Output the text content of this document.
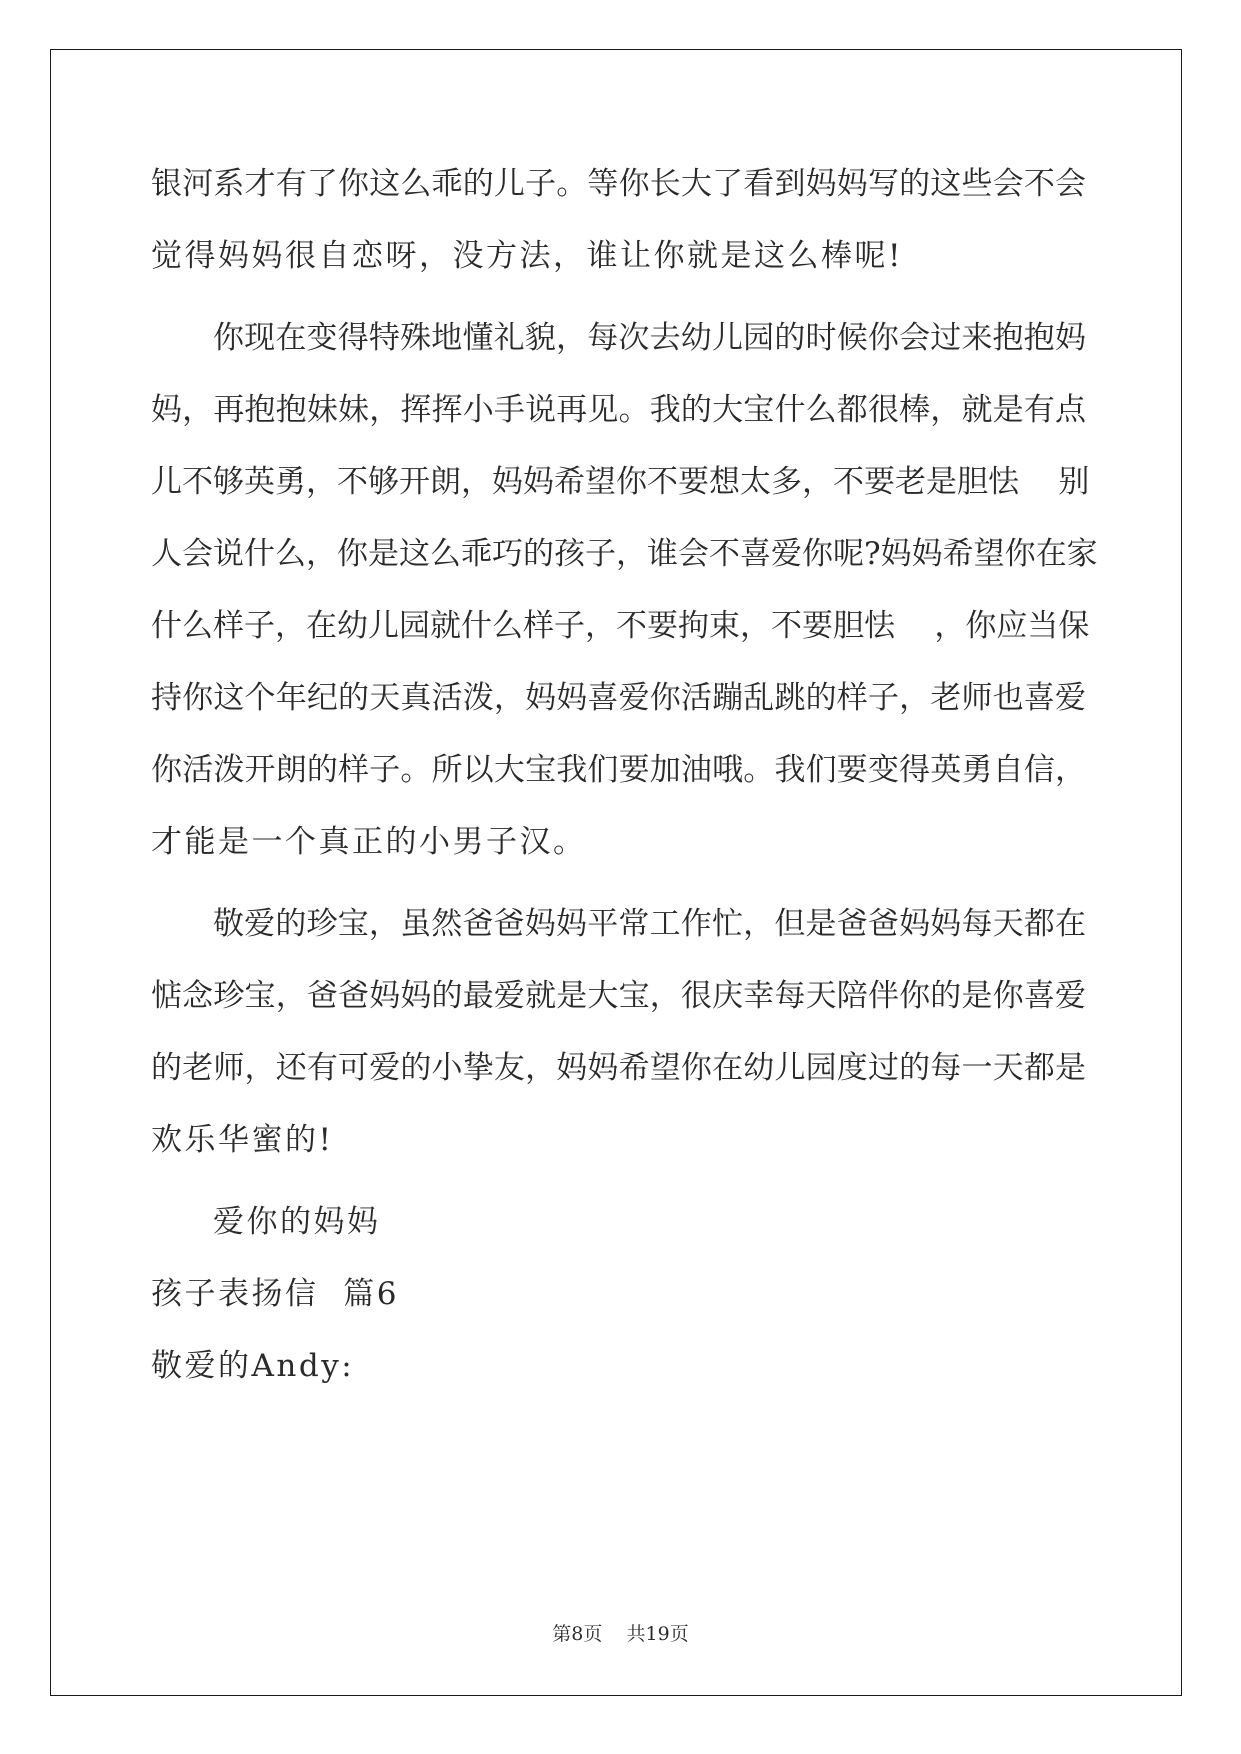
银河系才有了你这么乖的儿子。等你长大了看到妈妈写的这些会不会
觉得妈妈很自恋呀，没方法，谁让你就是这么棒呢!
你现在变得特殊地懂礼貌，每次去幼儿园的时候你会过来抱抱妈
妈，再抱抱妹妹，挥挥小手说再见。我的大宝什么都很棒，就是有点
儿不够英勇，不够开朗，妈妈希望你不要想太多，不要老是胆怯    别
人会说什么，你是这么乖巧的孩子，谁会不喜爱你呢?妈妈希望你在家
什么样子，在幼儿园就什么样子，不要拘束，不要胆怯    ，你应当保
持你这个年纪的天真活泼，妈妈喜爱你活蹦乱跳的样子，老师也喜爱
你活泼开朗的样子。所以大宝我们要加油哦。我们要变得英勇自信，
才能是一个真正的小男子汉。
敬爱的珍宝，虽然爸爸妈妈平常工作忙，但是爸爸妈妈每天都在
惦念珍宝，爸爸妈妈的最爱就是大宝，很庆幸每天陪伴你的是你喜爱
的老师，还有可爱的小挚友，妈妈希望你在幼儿园度过的每一天都是
欢乐华蜜的!
爱你的妈妈
孩子表扬信  篇6
敬爱的Andy:
第8页    共19页
